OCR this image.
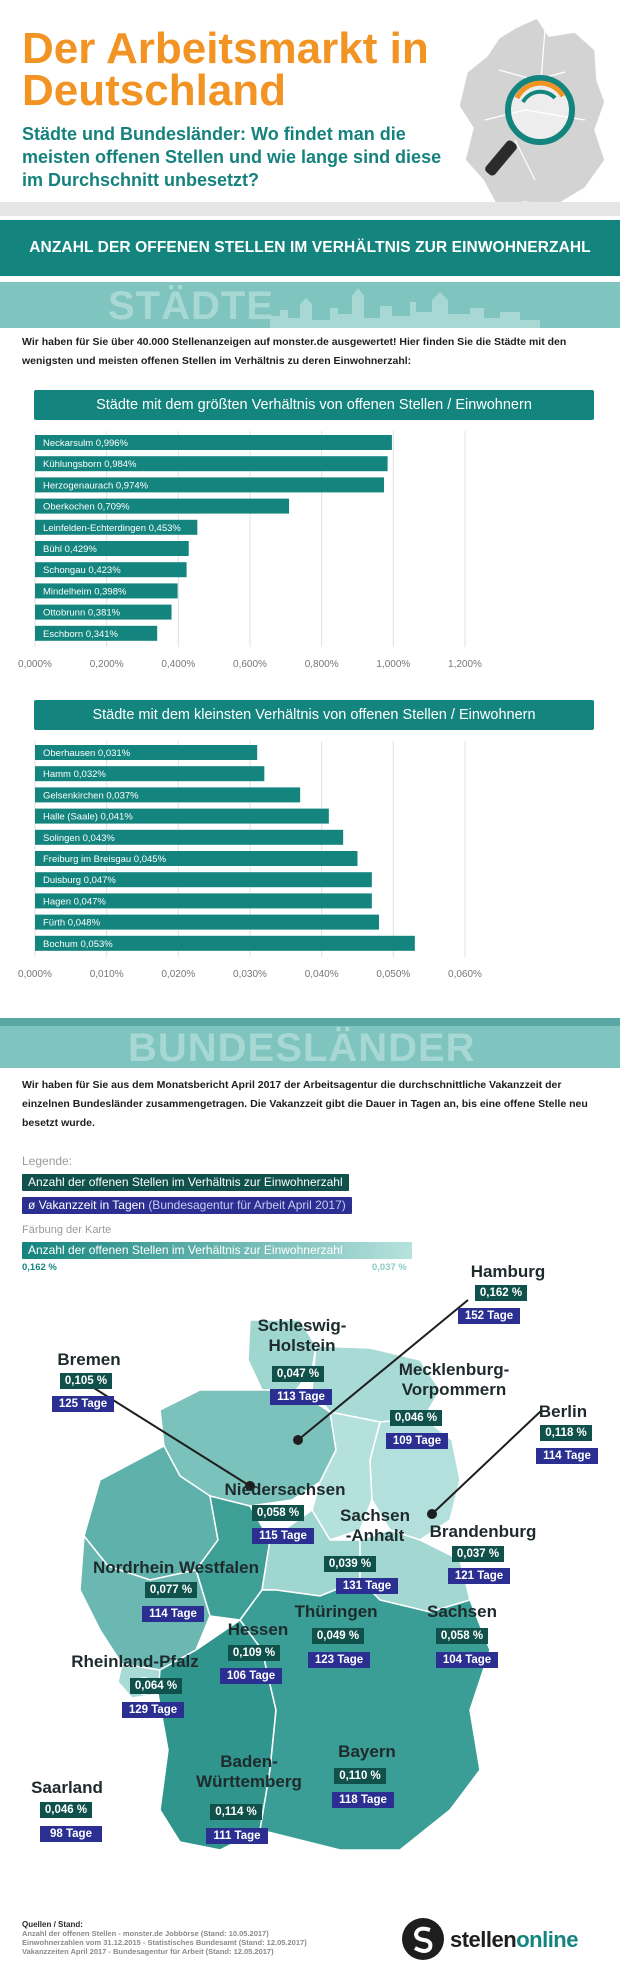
Der Arbeitsmarkt in Deutschland
Städte und Bundesländer: Wo findet man die meisten offenen Stellen und wie lange sind diese im Durchschnitt unbesetzt?
ANZAHL DER OFFENEN STELLEN IM VERHÄLTNIS ZUR EINWOHNERZAHL
STÄDTE
Wir haben für Sie über 40.000 Stellenanzeigen auf monster.de ausgewertet! Hier finden Sie die Städte mit den wenigsten und meisten offenen Stellen im Verhältnis zu deren Einwohnerzahl:
Städte mit dem größten Verhältnis von offenen Stellen / Einwohnern
0,000%	0,200%	0,400%	0,600%	0,800%	1,000%	1,200%
Neckarsulm 0,996%
Kühlungsborn 0,984%
Herzogenaurach 0,974%
Oberkochen 0,709%
Leinfelden-Echterdingen 0,453%
Bühl 0,429%
Schongau 0,423%
Mindelheim 0,398%
Ottobrunn 0,381%
Eschborn 0,341%
Städte mit dem kleinsten Verhältnis von offenen Stellen / Einwohnern
0,000%	0,010%	0,020%	0,030%	0,040%	0,050%	0,060%
Oberhausen 0,031%
Hamm 0,032%
Gelsenkirchen 0,037%
Halle (Saale) 0,041%
Solingen 0,043%
Freiburg im Breisgau 0,045%
Duisburg 0,047%
Hagen 0,047%
Fürth 0,048%
Bochum 0,053%
BUNDESLÄNDER
Wir haben für Sie aus dem Monatsbericht April 2017 der Arbeitsagentur die durchschnittliche Vakanzzeit der einzelnen Bundesländer zusammengetragen. Die Vakanzzeit gibt die Dauer in Tagen an, bis eine offene Stelle neu besetzt wurde.
Legende:
Anzahl der offenen Stellen im Verhältnis zur Einwohnerzahl
ø Vakanzzeit in Tagen (Bundesagentur für Arbeit April 2017)
Färbung der Karte
Anzahl der offenen Stellen im Verhältnis zur Einwohnerzahl
0,162 %	0,037 %	Hamburg
0,162 %
152 Tage
Schleswig-
Holstein
0,047 %
113 Tage
Bremen
0,105 %
125 Tage
Mecklenburg-
Vorpommern
0,046 %
109 Tage
Berlin
0,118 %
114 Tage
Niedersachsen
0,058 %
115 Tage
Sachsen
-Anhalt
0,039 %
131 Tage
Brandenburg
0,037 %
121 Tage
Nordrhein Westfalen
0,077 %
114 Tage
Hessen
0,109 %
106 Tage
Thüringen
0,049 %
123 Tage
Sachsen
0,058 %
104 Tage
Rheinland-Pfalz
0,064 %
129 Tage
Saarland
0,046 %
98 Tage
Baden-
Württemberg
0,114 %
111 Tage
Bayern
0,110 %
118 Tage
Quellen / Stand:
Anzahl der offenen Stellen - monster.de Jobbörse (Stand: 10.05.2017)
Einwohnerzahlen vom 31.12.2015 - Statistisches Bundesamt (Stand: 12.05.2017)
Vakanzzeiten April 2017 - Bundesagentur für Arbeit (Stand: 12.05.2017)	stellenonline
